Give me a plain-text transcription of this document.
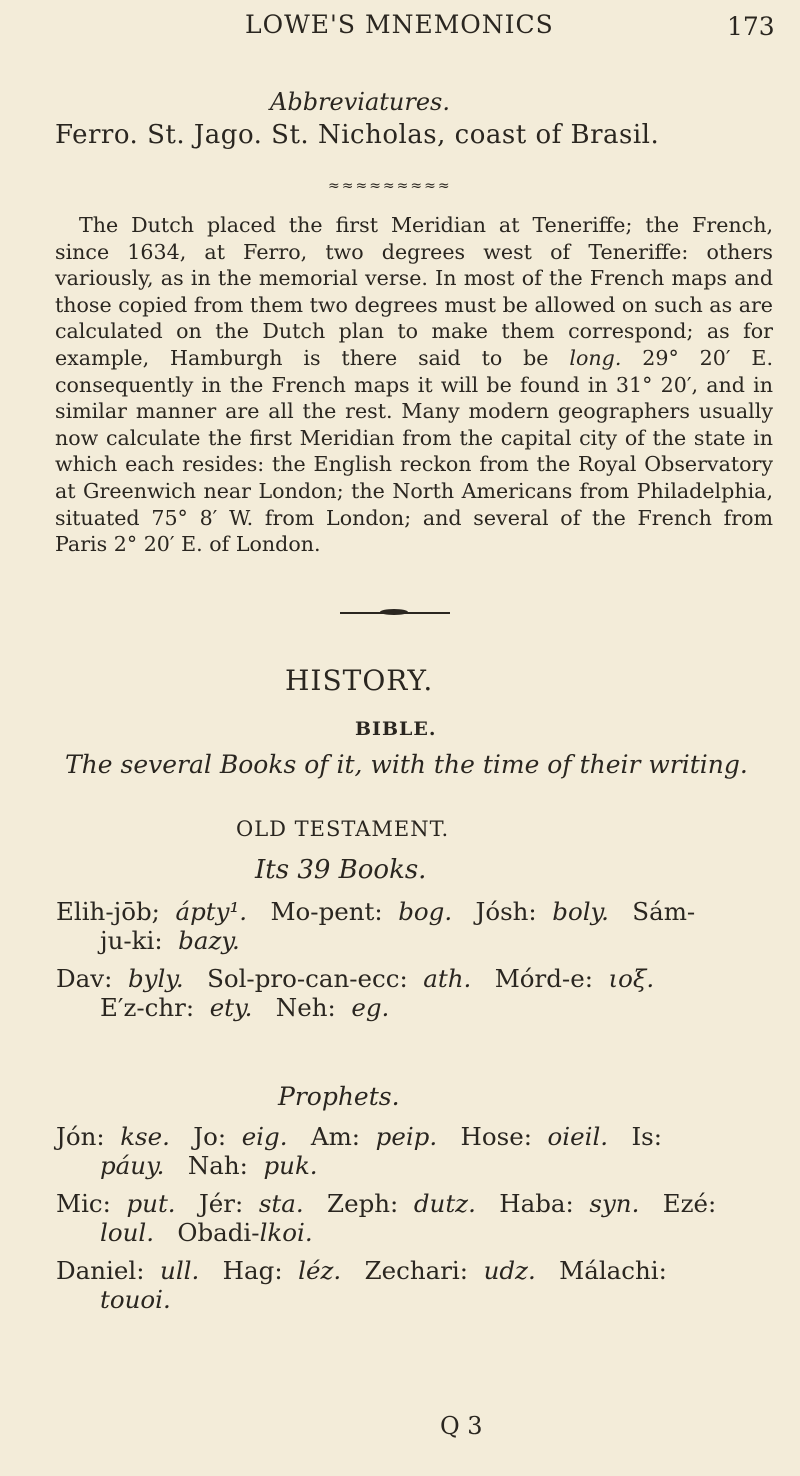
LOWE'S MNEMONICS	173
Abbreviatures.
Ferro. St. Jago. St. Nicholas, coast of Brasil.
≈≈≈≈≈≈≈≈≈
The Dutch placed the first Meridian at Teneriffe; the French, since 1634, at Ferro, two degrees west of Teneriffe: others variously, as in the memorial verse. In most of the French maps and those copied from them two degrees must be allowed on such as are calculated on the Dutch plan to make them correspond; as for example, Hamburgh is there said to be long. 29° 20′ E. consequently in the French maps it will be found in 31° 20′, and in similar manner are all the rest. Many modern geographers usually now calculate the first Meridian from the capital city of the state in which each resides: the English reckon from the Royal Observatory at Greenwich near London; the North Americans from Philadelphia, situated 75° 8′ W. from London; and several of the French from Paris 2° 20′ E. of London.
HISTORY.
BIBLE.
The several Books of it, with the time of their writing.
OLD TESTAMENT.
Its 39 Books.
Elih-jōb; ápty¹. Mo-pent: bog. Jósh: boly. Sám-
ju-ki: bazy.
Dav: byly. Sol-pro-can-ecc: ath. Mórd-e: ιοξ.
E′z-chr: ety. Neh: eg.
Prophets.
Jón: kse. Jo: eig. Am: peip. Hose: oieil. Is:
páuy. Nah: puk.
Mic: put. Jér: sta. Zeph: dutz. Haba: syn. Ezé:
loul. Obadi-lkoi.
Daniel: ull. Hag: léz. Zechari: udz. Málachi:
touoi.
Q 3
